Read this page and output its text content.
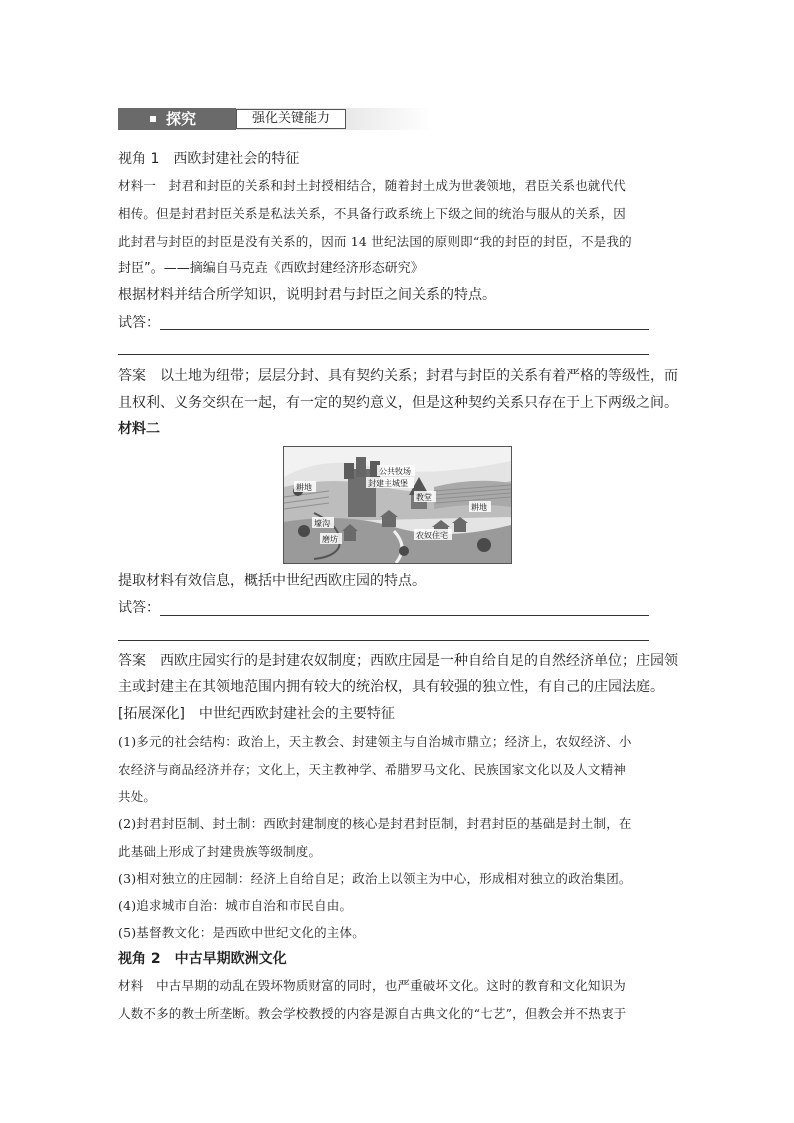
探究	强化关键能力
视角 1　西欧封建社会的特征
材料一　封君和封臣的关系和封土封授相结合，随着封土成为世袭领地，君臣关系也就代代
相传。但是封君封臣关系是私法关系，不具备行政系统上下级之间的统治与服从的关系，因
此封君与封臣的封臣是没有关系的，因而 14 世纪法国的原则即“我的封臣的封臣，不是我的
封臣”。——摘编自马克垚《西欧封建经济形态研究》
根据材料并结合所学知识，说明封君与封臣之间关系的特点。
试答：
答案　以土地为纽带；层层分封、具有契约关系；封君与封臣的关系有着严格的等级性，而
且权利、义务交织在一起，有一定的契约意义，但是这种契约关系只存在于上下两级之间。
材料二
公共牧场
封建主城堡
教堂
耕地
耕地
壕沟
磨坊	农奴住宅
提取材料有效信息，概括中世纪西欧庄园的特点。
试答：
答案　西欧庄园实行的是封建农奴制度；西欧庄园是一种自给自足的自然经济单位；庄园领
主或封建主在其领地范围内拥有较大的统治权，具有较强的独立性，有自己的庄园法庭。
[拓展深化]　中世纪西欧封建社会的主要特征
(1)多元的社会结构：政治上，天主教会、封建领主与自治城市鼎立；经济上，农奴经济、小
农经济与商品经济并存；文化上，天主教神学、希腊罗马文化、民族国家文化以及人文精神
共处。
(2)封君封臣制、封土制：西欧封建制度的核心是封君封臣制，封君封臣的基础是封土制，在
此基础上形成了封建贵族等级制度。
(3)相对独立的庄园制：经济上自给自足；政治上以领主为中心，形成相对独立的政治集团。
(4)追求城市自治：城市自治和市民自由。
(5)基督教文化：是西欧中世纪文化的主体。
视角 2　中古早期欧洲文化
材料　中古早期的动乱在毁坏物质财富的同时，也严重破坏文化。这时的教育和文化知识为
人数不多的教士所垄断。教会学校教授的内容是源自古典文化的“七艺”，但教会并不热衷于
